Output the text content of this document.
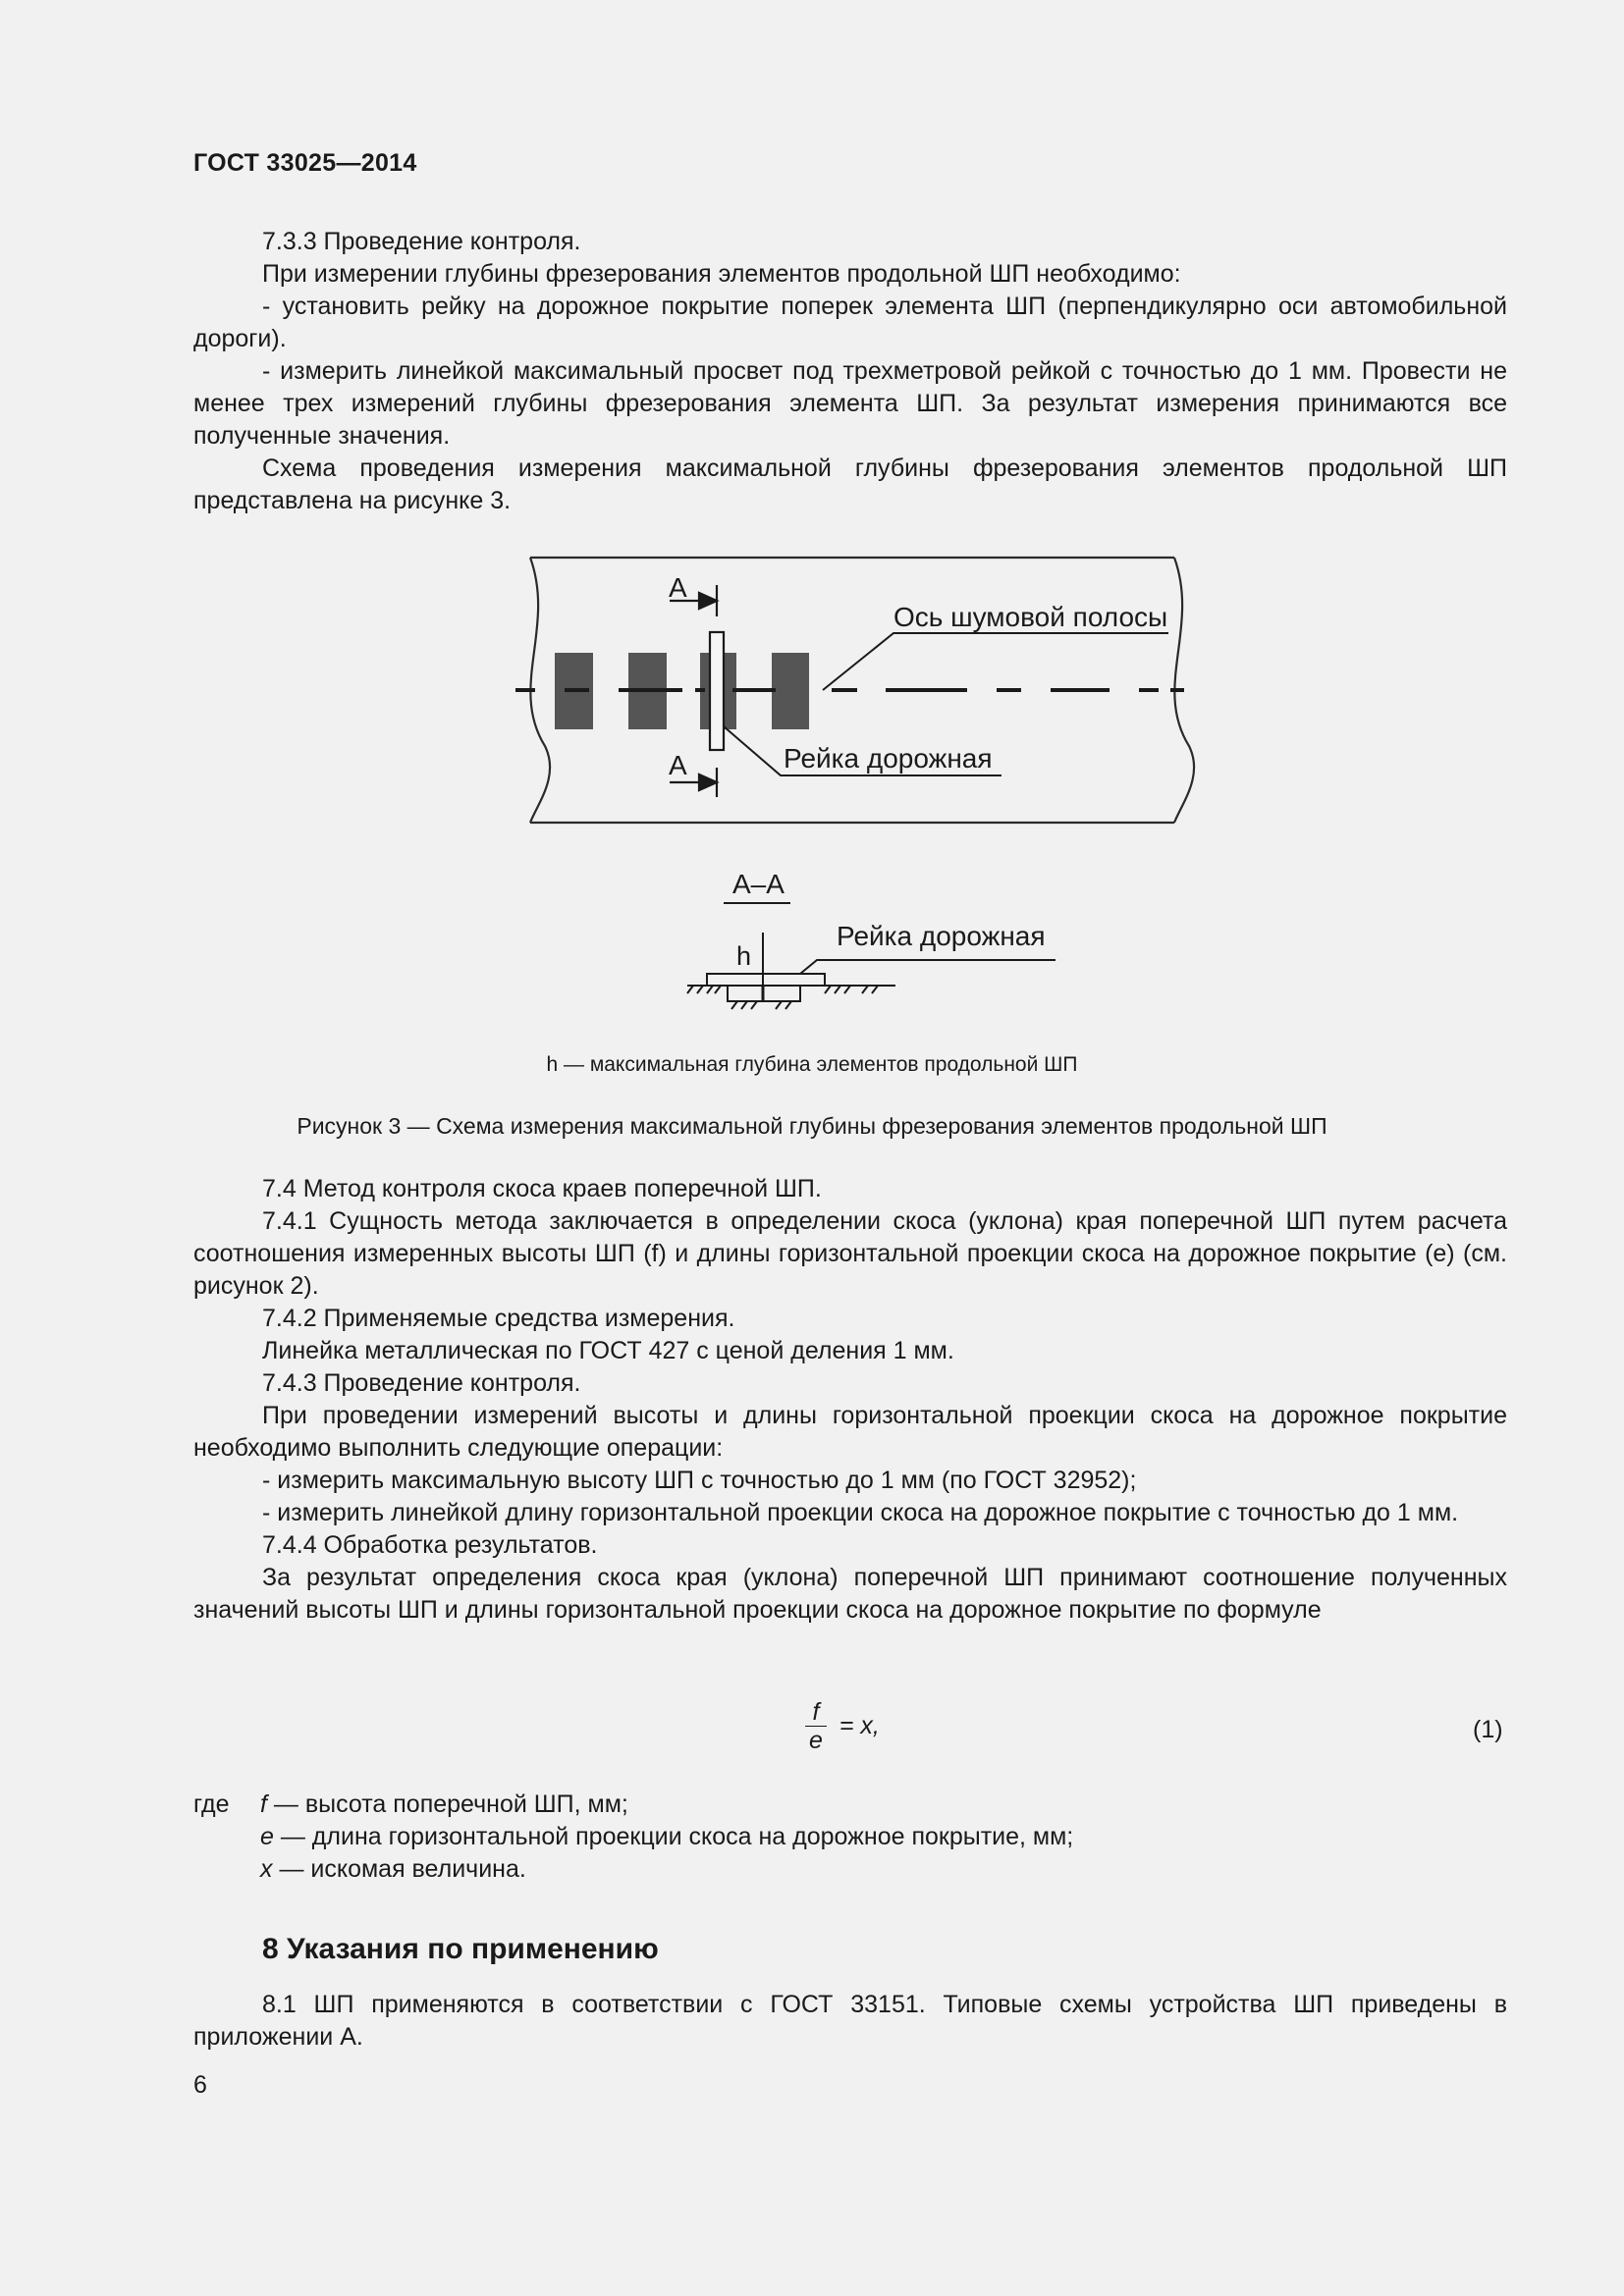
ГОСТ 33025—2014

7.3.3 Проведение контроля.

При измерении глубины фрезерования элементов продольной ШП необходимо:

- установить рейку на дорожное покрытие поперек элемента ШП (перпендикулярно оси автомобильной дороги).

- измерить линейкой максимальный просвет под трехметровой рейкой с точностью до 1 мм. Провести не менее трех измерений глубины фрезерования элемента ШП. За результат измерения принимаются все полученные значения.

Схема проведения измерения максимальной глубины фрезерования элементов продольной ШП представлена на рисунке 3.

А
А
Ось шумовой полосы
Рейка дорожная
А–А
Рейка дорожная
h
h — максимальная глубина элементов продольной ШП
Рисунок 3 — Схема измерения максимальной глубины фрезерования элементов продольной ШП

7.4 Метод контроля скоса краев поперечной ШП.

7.4.1 Сущность метода заключается в определении скоса (уклона) края поперечной ШП путем расчета соотношения измеренных высоты ШП (f) и длины горизонтальной проекции скоса на дорожное покрытие (e) (см. рисунок 2).

7.4.2 Применяемые средства измерения.

Линейка металлическая по ГОСТ 427 с ценой деления 1 мм.

7.4.3 Проведение контроля.

При проведении измерений высоты и длины горизонтальной проекции скоса на дорожное покрытие необходимо выполнить следующие операции:

- измерить максимальную высоту ШП с точностью до 1 мм (по ГОСТ 32952);

- измерить линейкой длину горизонтальной проекции скоса на дорожное покрытие с точностью до 1 мм.

7.4.4 Обработка результатов.

За результат определения скоса края (уклона) поперечной ШП принимают соотношение полученных значений высоты ШП и длины горизонтальной проекции скоса на дорожное покрытие по формуле

$\frac{f}{e} = x$,	(1)
где f — высота поперечной ШП, мм;
e — длина горизонтальной проекции скоса на дорожное покрытие, мм;
x — искомая величина.
8 Указания по применению

8.1 ШП применяются в соответствии с ГОСТ 33151. Типовые схемы устройства ШП приведены в приложении А.

6
